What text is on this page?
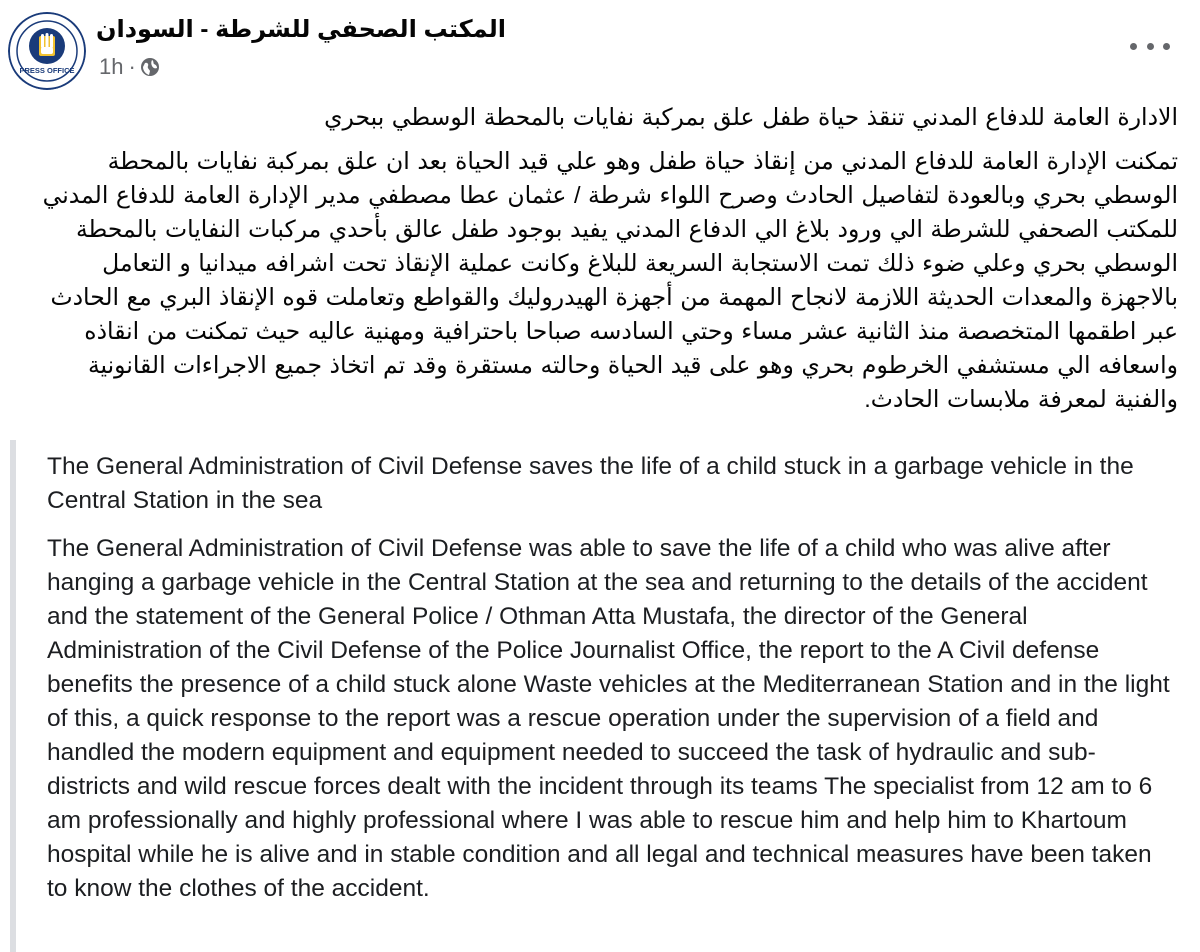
PRESS OFFICE
المكتب الصحفي للشرطة - السودان
1h ·
الادارة العامة للدفاع المدني تنقذ حياة طفل علق بمركبة نفايات بالمحطة الوسطي ببحري
تمكنت الإدارة العامة للدفاع المدني من إنقاذ حياة طفل وهو علي قيد الحياة بعد ان علق بمركبة نفايات بالمحطة الوسطي بحري وبالعودة لتفاصيل الحادث وصرح اللواء شرطة / عثمان عطا مصطفي مدير الإدارة العامة للدفاع المدني للمكتب الصحفي للشرطة الي ورود بلاغ الي الدفاع المدني يفيد بوجود طفل عالق بأحدي مركبات النفايات بالمحطة الوسطي بحري وعلي ضوء ذلك تمت الاستجابة السريعة للبلاغ وكانت عملية الإنقاذ تحت اشرافه ميدانيا و التعامل بالاجهزة والمعدات الحديثة اللازمة لانجاح المهمة من أجهزة الهيدروليك والقواطع وتعاملت قوه الإنقاذ البري مع الحادث عبر اطقمها المتخصصة منذ الثانية عشر مساء وحتي السادسه صباحا باحترافية ومهنية عاليه حيث تمكنت من انقاذه واسعافه الي مستشفي الخرطوم بحري وهو على قيد الحياة وحالته مستقرة وقد تم اتخاذ جميع الاجراءات القانونية والفنية لمعرفة ملابسات الحادث.

The General Administration of Civil Defense saves the life of a child stuck in a garbage vehicle in the Central Station in the sea

The General Administration of Civil Defense was able to save the life of a child who was alive after hanging a garbage vehicle in the Central Station at the sea and returning to the details of the accident and the statement of the General Police / Othman Atta Mustafa, the director of the General Administration of the Civil Defense of the Police Journalist Office, the report to the A Civil defense benefits the presence of a child stuck alone Waste vehicles at the Mediterranean Station and in the light of this, a quick response to the report was a rescue operation under the supervision of a field and handled the modern equipment and equipment needed to succeed the task of hydraulic and sub-districts and wild rescue forces dealt with the incident through its teams The specialist from 12 am to 6 am professionally and highly professional where I was able to rescue him and help him to Khartoum hospital while he is alive and in stable condition and all legal and technical measures have been taken to know the clothes of the accident.
